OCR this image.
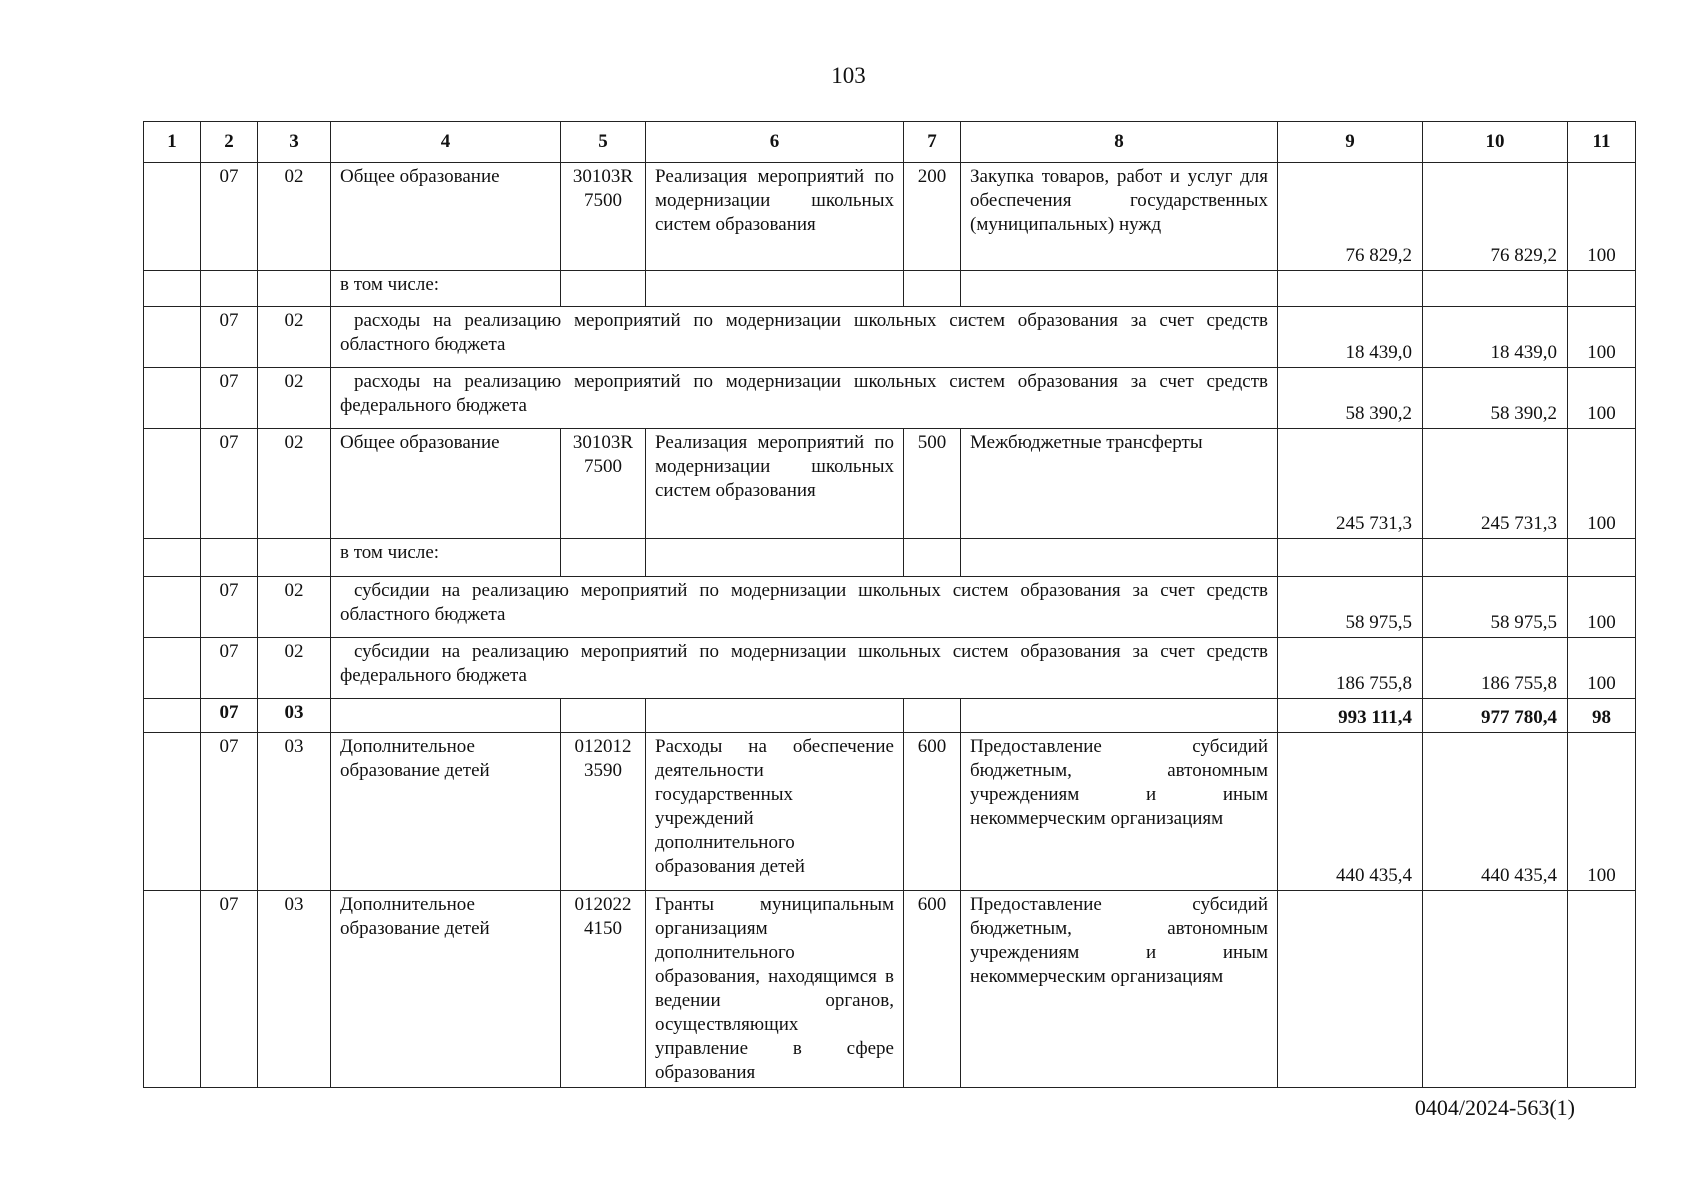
103
1	2	3	4	5	6	7	8	9	10	11
	07	02	Общее образование	30103R 7500	Реализация мероприятий по модернизации школьных систем образования	200	Закупка товаров, работ и услуг для обеспечения государственных (муниципальных) нужд	76 829,2	76 829,2	100
			в том числе:							
	07	02	расходы на реализацию мероприятий по модернизации школьных систем образования за счет средств областного бюджета					18 439,0	18 439,0	100
	07	02	расходы на реализацию мероприятий по модернизации школьных систем образования за счет средств федерального бюджета					58 390,2	58 390,2	100
	07	02	Общее образование	30103R 7500	Реализация мероприятий по модернизации школьных систем образования	500	Межбюджетные трансферты	245 731,3	245 731,3	100
			в том числе:							
	07	02	субсидии на реализацию мероприятий по модернизации школьных систем образования за счет средств областного бюджета					58 975,5	58 975,5	100
	07	02	субсидии на реализацию мероприятий по модернизации школьных систем образования за счет средств федерального бюджета					186 755,8	186 755,8	100
	07	03						993 111,4	977 780,4	98
	07	03	Дополнительное образование детей	012012 3590	Расходы на обеспечение деятельности государственных учреждений дополнительного образования детей	600	Предоставление субсидий бюджетным, автономным учреждениям и иным некоммерческим организациям	440 435,4	440 435,4	100
	07	03	Дополнительное образование детей	012022 4150	Гранты муниципальным организациям дополнительного образования, находящимся в ведении органов, осуществляющих управление в сфере образования	600	Предоставление субсидий бюджетным, автономным учреждениям и иным некоммерческим организациям			
0404/2024-563(1)
